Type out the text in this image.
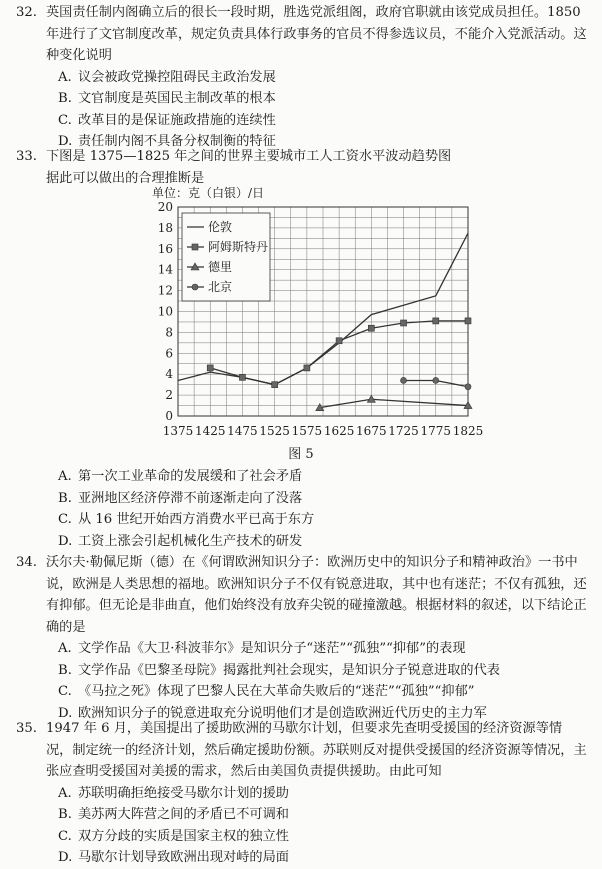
32. 英国责任制内阁确立后的很长一段时期，胜选党派组阁，政府官职就由该党成员担任。1850 年进行了文官制度改革，规定负责具体行政事务的官员不得参选议员，不能介入党派活动。这种变化说明
A. 议会被政党操控阻碍民主政治发展
B. 文官制度是英国民主制改革的根本
C. 改革目的是保证施政措施的连续性
D. 责任制内阁不具备分权制衡的特征
33. 下图是 1375—1825 年之间的世界主要城市工人工资水平波动趋势图
据此可以做出的合理推断是
单位：克（白银）/日
0
2
4
6
8
10
12
14
16
18
20
1375 1425 1475 1525 1575 1625 1675 1725 1775 1825
伦敦
阿姆斯特丹
德里
北京
图 5
A. 第一次工业革命的发展缓和了社会矛盾
B. 亚洲地区经济停滞不前逐渐走向了没落
C. 从 16 世纪开始西方消费水平已高于东方
D. 工资上涨会引起机械化生产技术的研发
34. 沃尔夫·勒佩尼斯（德）在《何谓欧洲知识分子：欧洲历史中的知识分子和精神政治》一书中说，欧洲是人类思想的福地。欧洲知识分子不仅有锐意进取，其中也有迷茫；不仅有孤独，还有抑郁。但无论是非曲直，他们始终没有放弃尖锐的碰撞激越。根据材料的叙述，以下结论正确的是
A. 文学作品《大卫·科波菲尔》是知识分子“迷茫”“孤独”“抑郁”的表现
B. 文学作品《巴黎圣母院》揭露批判社会现实，是知识分子锐意进取的代表
C. 《马拉之死》体现了巴黎人民在大革命失败后的“迷茫”“孤独”“抑郁”
D. 欧洲知识分子的锐意进取充分说明他们才是创造欧洲近代历史的主力军
35. 1947 年 6 月，美国提出了援助欧洲的马歇尔计划，但要求先查明受援国的经济资源等情况，制定统一的经济计划，然后确定援助份额。苏联则反对提供受援国的经济资源等情况，主张应查明受援国对美援的需求，然后由美国负责提供援助。由此可知
A. 苏联明确拒绝接受马歇尔计划的援助
B. 美苏两大阵营之间的矛盾已不可调和
C. 双方分歧的实质是国家主权的独立性
D. 马歇尔计划导致欧洲出现对峙的局面
